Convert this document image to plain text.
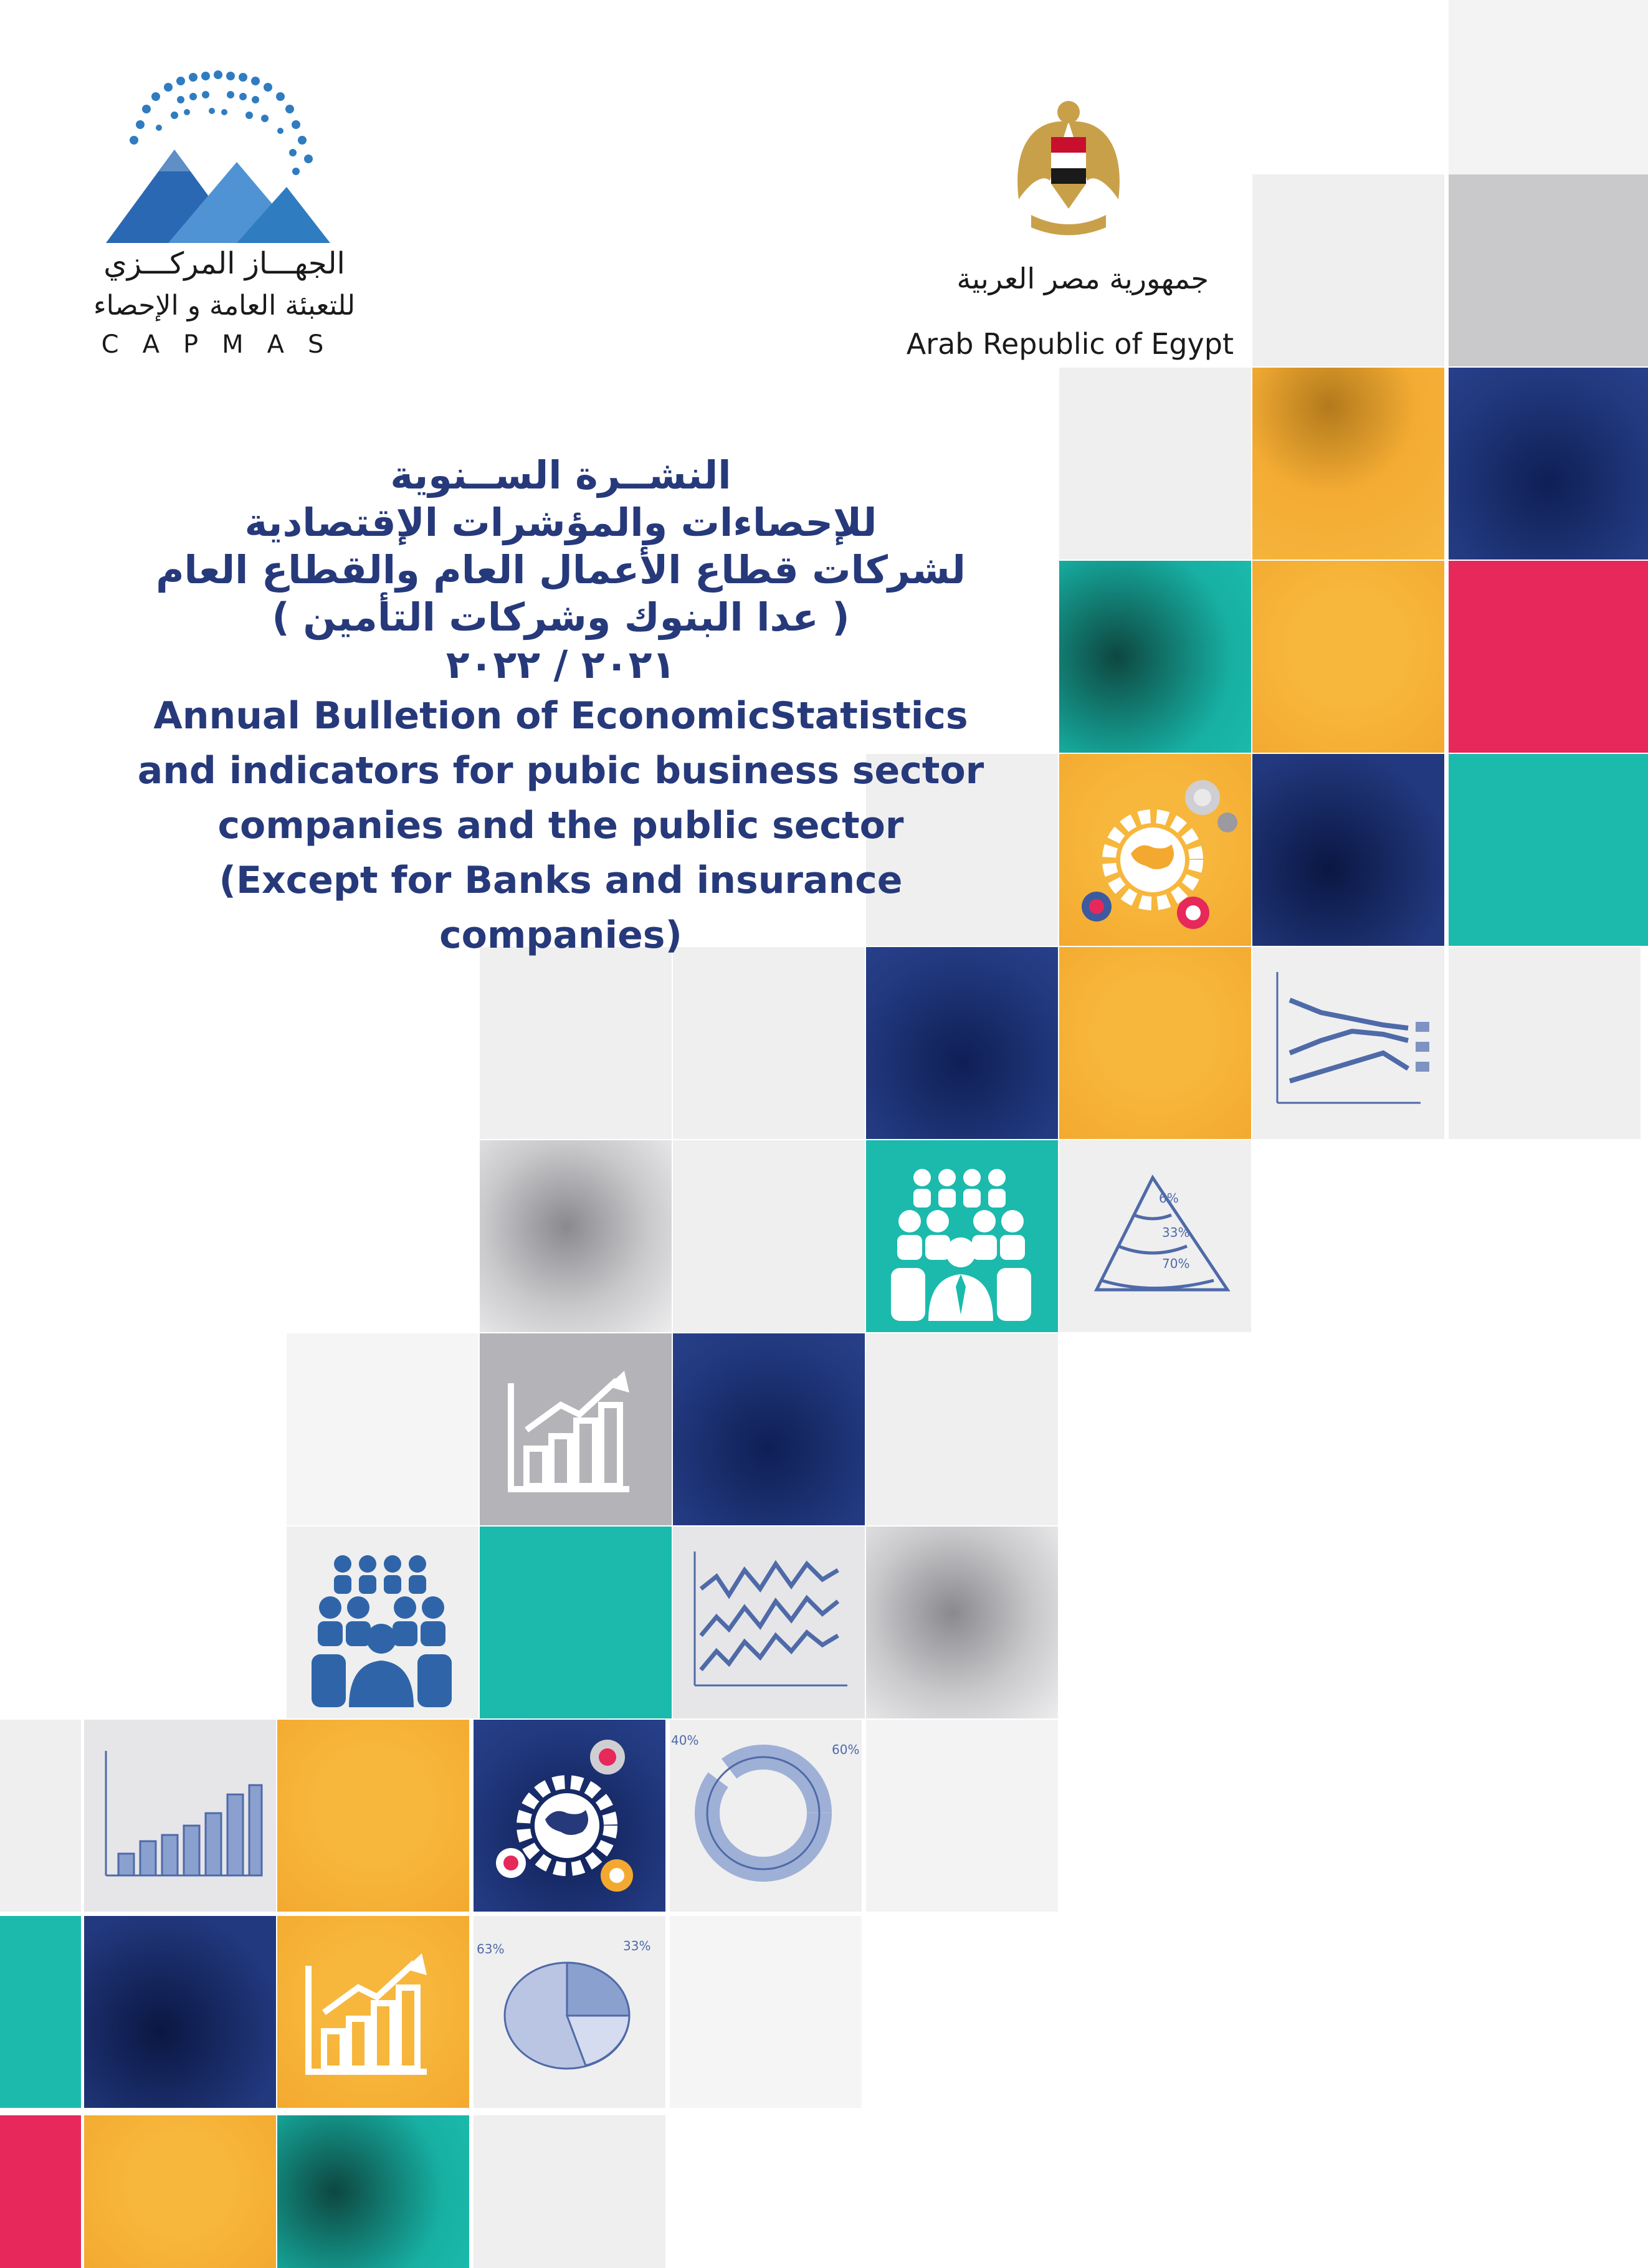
6%
33%
70%
40%
60%
63%	33%
الجهـــاز المركـــزي
للتعبئة العامة و الإحصاء
CAPMAS
جمهورية مصر العربية
Arab Republic of Egypt
النشــرة الســنوية
للإحصاءات والمؤشرات الإقتصادية
لشركات قطاع الأعمال العام والقطاع العام
( عدا البنوك وشركات التأمين )
٢٠٢١ / ٢٠٢٢
Annual Bulletion of EconomicStatistics
and indicators for pubic business sector
companies and the public sector
(Except for Banks and insurance companies)
